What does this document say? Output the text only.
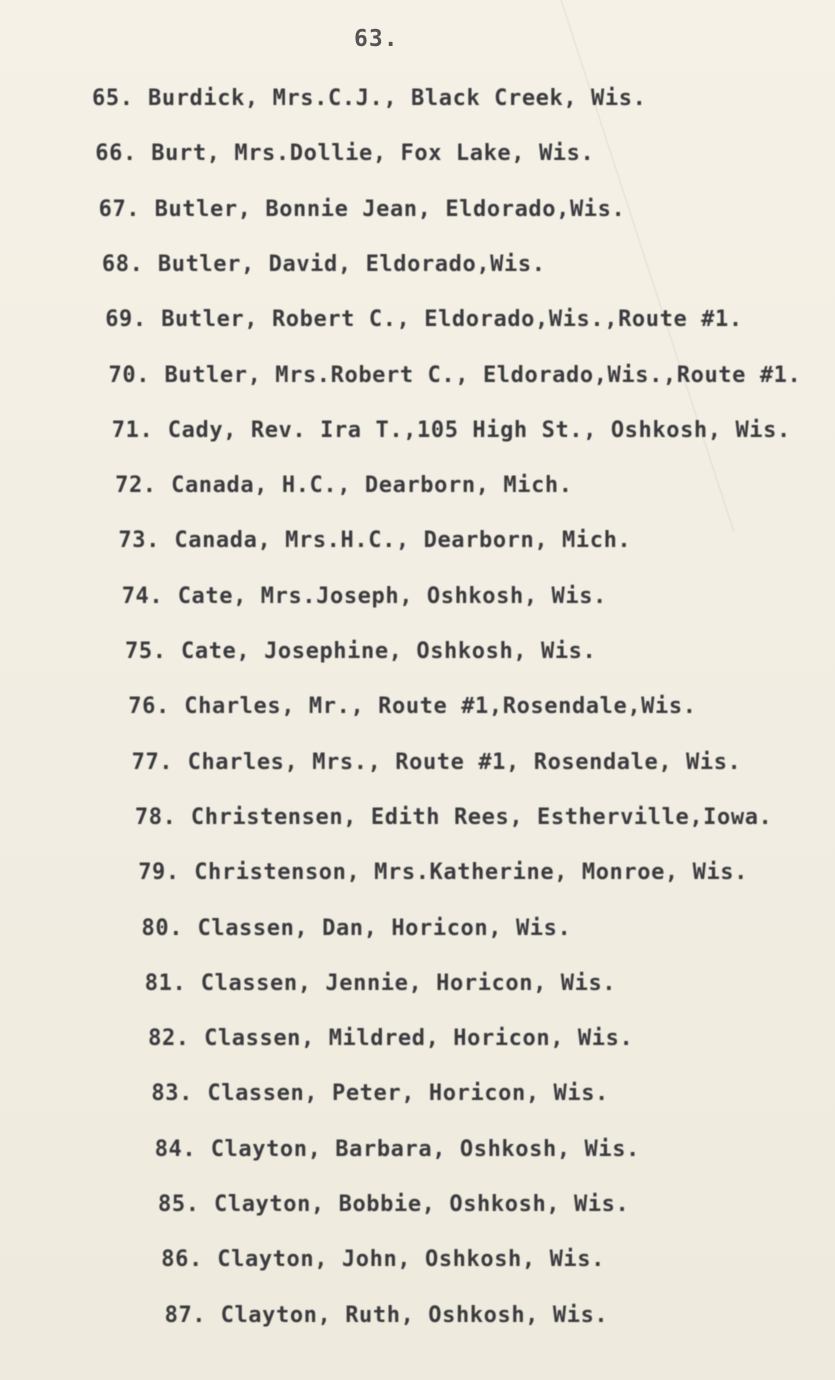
63.
65. Burdick, Mrs.C.J., Black Creek, Wis.
66. Burt, Mrs.Dollie, Fox Lake, Wis.
67. Butler, Bonnie Jean, Eldorado,Wis.
68. Butler, David, Eldorado,Wis.
69. Butler, Robert C., Eldorado,Wis.,Route #1.
70. Butler, Mrs.Robert C., Eldorado,Wis.,Route #1.
71. Cady, Rev. Ira T.,105 High St., Oshkosh, Wis.
72. Canada, H.C., Dearborn, Mich.
73. Canada, Mrs.H.C., Dearborn, Mich.
74. Cate, Mrs.Joseph, Oshkosh, Wis.
75. Cate, Josephine, Oshkosh, Wis.
76. Charles, Mr., Route #1,Rosendale,Wis.
77. Charles, Mrs., Route #1, Rosendale, Wis.
78. Christensen, Edith Rees, Estherville,Iowa.
79. Christenson, Mrs.Katherine, Monroe, Wis.
80. Classen, Dan, Horicon, Wis.
81. Classen, Jennie, Horicon, Wis.
82. Classen, Mildred, Horicon, Wis.
83. Classen, Peter, Horicon, Wis.
84. Clayton, Barbara, Oshkosh, Wis.
85. Clayton, Bobbie, Oshkosh, Wis.
86. Clayton, John, Oshkosh, Wis.
87. Clayton, Ruth, Oshkosh, Wis.
